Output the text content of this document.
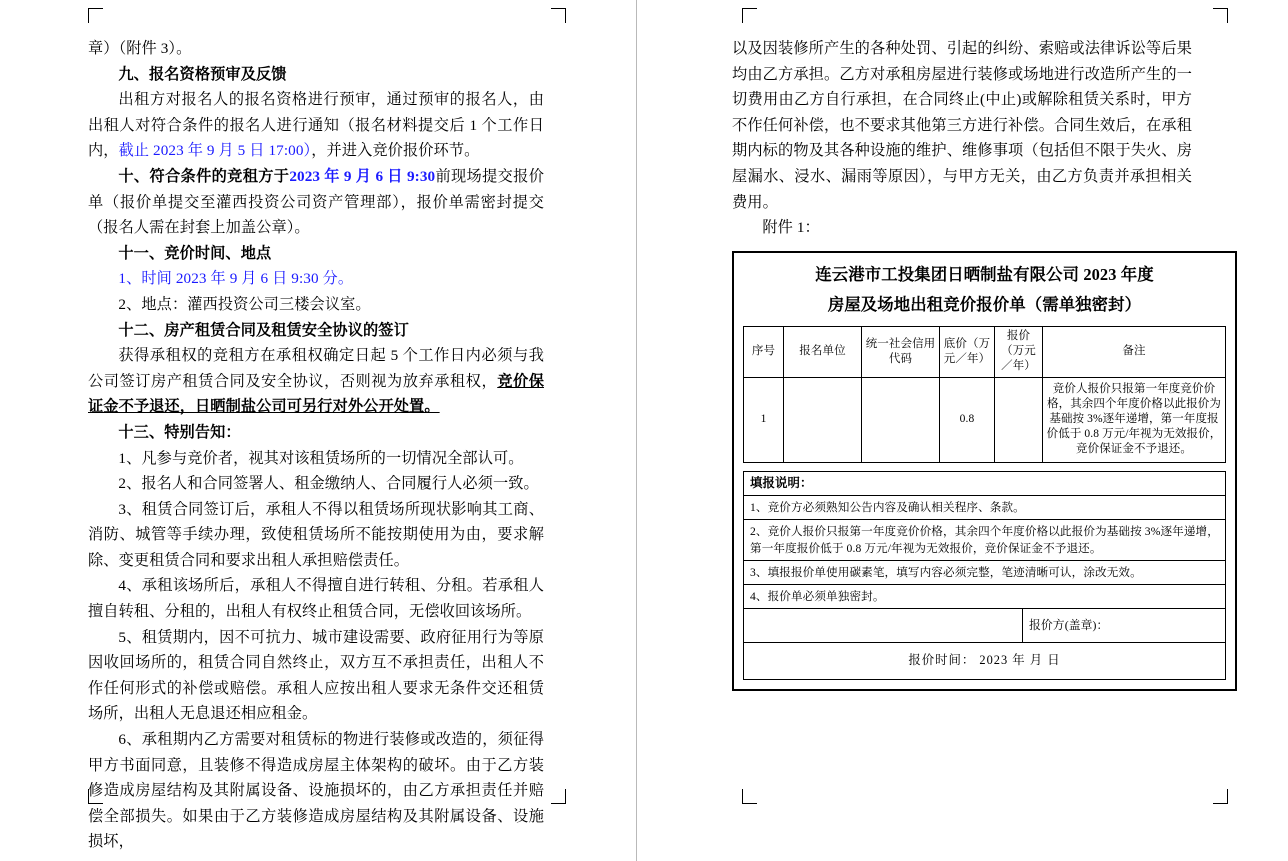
章）（附件 3）。

九、报名资格预审及反馈

出租方对报名人的报名资格进行预审，通过预审的报名人，由出租人对符合条件的报名人进行通知（报名材料提交后 1 个工作日内，截止 2023 年 9 月 5 日 17:00），并进入竞价报价环节。

十、符合条件的竞租方于2023 年 9 月 6 日 9:30前现场提交报价单（报价单提交至灌西投资公司资产管理部），报价单需密封提交（报名人需在封套上加盖公章）。

十一、竞价时间、地点

1、时间 2023 年 9 月 6 日 9:30 分。

2、地点：灌西投资公司三楼会议室。

十二、房产租赁合同及租赁安全协议的签订

获得承租权的竞租方在承租权确定日起 5 个工作日内必须与我公司签订房产租赁合同及安全协议，否则视为放弃承租权，竞价保证金不予退还，日晒制盐公司可另行对外公开处置。

十三、特别告知：

1、凡参与竞价者，视其对该租赁场所的一切情况全部认可。

2、报名人和合同签署人、租金缴纳人、合同履行人必须一致。

3、租赁合同签订后，承租人不得以租赁场所现状影响其工商、消防、城管等手续办理，致使租赁场所不能按期使用为由，要求解除、变更租赁合同和要求出租人承担赔偿责任。

4、承租该场所后，承租人不得擅自进行转租、分租。若承租人擅自转租、分租的，出租人有权终止租赁合同，无偿收回该场所。

5、租赁期内，因不可抗力、城市建设需要、政府征用行为等原因收回场所的，租赁合同自然终止，双方互不承担责任，出租人不作任何形式的补偿或赔偿。承租人应按出租人要求无条件交还租赁场所，出租人无息退还相应租金。

6、承租期内乙方需要对租赁标的物进行装修或改造的，须征得甲方书面同意，且装修不得造成房屋主体架构的破坏。由于乙方装修造成房屋结构及其附属设备、设施损坏的，由乙方承担责任并赔偿全部损失。如果由于乙方装修造成房屋结构及其附属设备、设施损坏，

以及因装修所产生的各种处罚、引起的纠纷、索赔或法律诉讼等后果均由乙方承担。乙方对承租房屋进行装修或场地进行改造所产生的一切费用由乙方自行承担，在合同终止(中止)或解除租赁关系时，甲方不作任何补偿，也不要求其他第三方进行补偿。合同生效后，在承租期内标的物及其各种设施的维护、维修事项（包括但不限于失火、房屋漏水、浸水、漏雨等原因），与甲方无关，由乙方负责并承担相关费用。

附件 1：

连云港市工投集团日晒制盐有限公司 2023 年度
房屋及场地出租竞价报价单（需单独密封）
序号	报名单位	统一社会信用代码	底价（万元／年）	报价（万元／年）	备注
1			0.8		竞价人报价只报第一年度竞价价格，其余四个年度价格以此报价为基础按 3%逐年递增，第一年度报价低于 0.8 万元/年视为无效报价，竞价保证金不予退还。
填报说明：
1、竞价方必须熟知公告内容及确认相关程序、条款。
2、竞价人报价只报第一年度竞价价格，其余四个年度价格以此报价为基础按 3%逐年递增，第一年度报价低于 0.8 万元/年视为无效报价，竞价保证金不予退还。
3、填报报价单使用碳素笔，填写内容必须完整，笔迹清晰可认，涂改无效。
4、报价单必须单独密封。

报价方(盖章)：
报价时间： 2023 年 月 日
